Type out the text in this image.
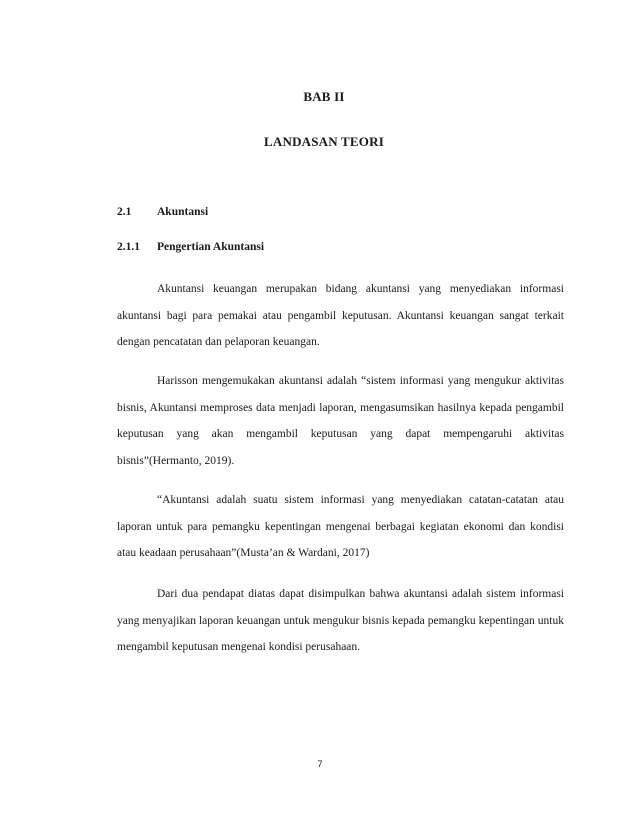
BAB II
LANDASAN TEORI
2.1 Akuntansi
2.1.1 Pengertian Akuntansi

Akuntansi keuangan merupakan bidang akuntansi yang menyediakan informasi akuntansi bagi para pemakai atau pengambil keputusan. Akuntansi keuangan sangat terkait dengan pencatatan dan pelaporan keuangan.

Harisson mengemukakan akuntansi adalah “sistem informasi yang mengukur aktivitas bisnis, Akuntansi memproses data menjadi laporan, mengasumsikan hasilnya kepada pengambil keputusan yang akan mengambil keputusan yang dapat mempengaruhi aktivitas bisnis”(Hermanto, 2019).

“Akuntansi adalah suatu sistem informasi yang menyediakan catatan-catatan atau laporan untuk para pemangku kepentingan mengenai berbagai kegiatan ekonomi dan kondisi atau keadaan perusahaan”(Musta’an & Wardani, 2017)

Dari dua pendapat diatas dapat disimpulkan bahwa akuntansi adalah sistem informasi yang menyajikan laporan keuangan untuk mengukur bisnis kepada pemangku kepentingan untuk mengambil keputusan mengenai kondisi perusahaan.

7
